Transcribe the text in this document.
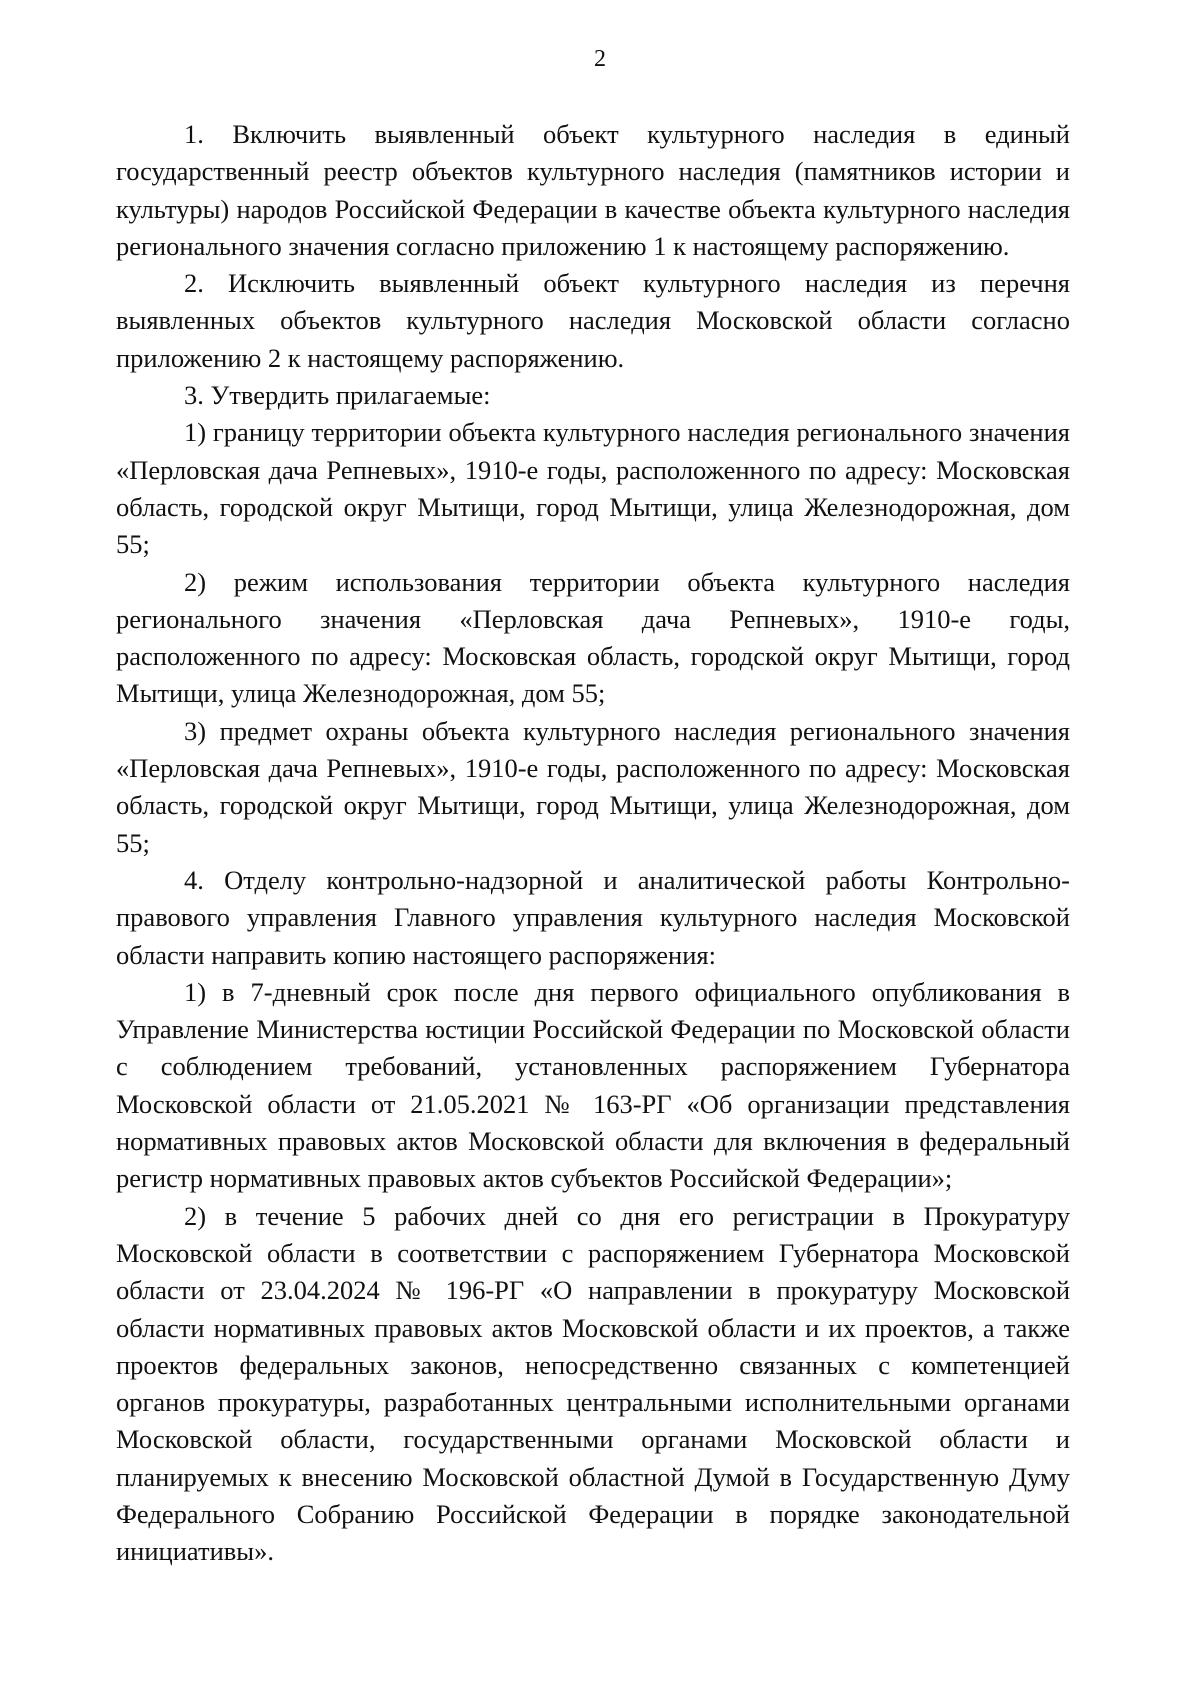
2

1. Включить выявленный объект культурного наследия в единый государственный реестр объектов культурного наследия (памятников истории и культуры) народов Российской Федерации в качестве объекта культурного наследия регионального значения согласно приложению 1 к настоящему распоряжению.

2. Исключить выявленный объект культурного наследия из перечня выявленных объектов культурного наследия Московской области согласно приложению 2 к настоящему распоряжению.

3. Утвердить прилагаемые:

1) границу территории объекта культурного наследия регионального значения «Перловская дача Репневых», 1910-е годы, расположенного по адресу: Московская область, городской округ Мытищи, город Мытищи, улица Железнодорожная, дом 55;

2) режим использования территории объекта культурного наследия регионального значения «Перловская дача Репневых», 1910-е годы, расположенного по адресу: Московская область, городской округ Мытищи, город Мытищи, улица Железнодорожная, дом 55;

3) предмет охраны объекта культурного наследия регионального значения «Перловская дача Репневых», 1910-е годы, расположенного по адресу: Московская область, городской округ Мытищи, город Мытищи, улица Железнодорожная, дом 55;

4. Отделу контрольно-надзорной и аналитической работы Контрольно-правового управления Главного управления культурного наследия Московской области направить копию настоящего распоряжения:

1) в 7-дневный срок после дня первого официального опубликования в Управление Министерства юстиции Российской Федерации по Московской области с соблюдением требований, установленных распоряжением Губернатора Московской области от 21.05.2021 № 163-РГ «Об организации представления нормативных правовых актов Московской области для включения в федеральный регистр нормативных правовых актов субъектов Российской Федерации»;

2) в течение 5 рабочих дней со дня его регистрации в Прокуратуру Московской области в соответствии с распоряжением Губернатора Московской области от 23.04.2024 № 196-РГ «О направлении в прокуратуру Московской области нормативных правовых актов Московской области и их проектов, а также проектов федеральных законов, непосредственно связанных с компетенцией органов прокуратуры, разработанных центральными исполнительными органами Московской области, государственными органами Московской области и планируемых к внесению Московской областной Думой в Государственную Думу Федерального Собранию Российской Федерации в порядке законодательной инициативы».
